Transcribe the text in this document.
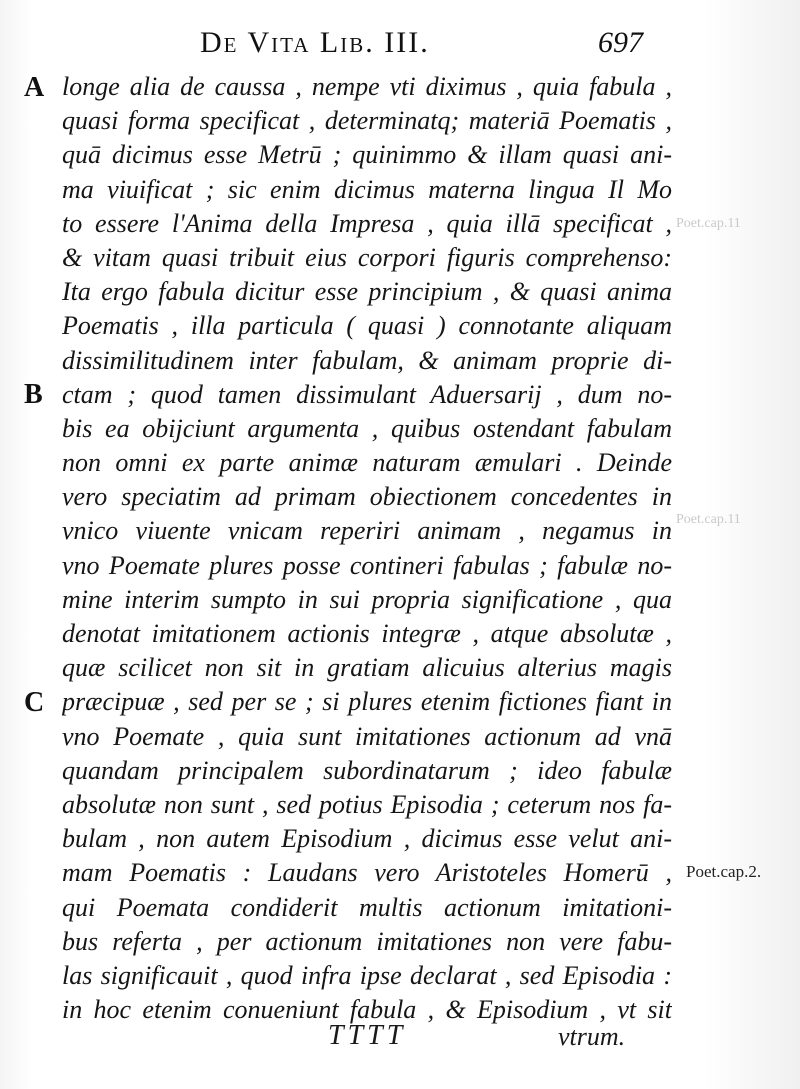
De Vita Lib. III.	697
A
B
C
Poet.cap.11
Poet.cap.11
longe alia de caussa , nempe vti diximus , quia fabula ,
quasi forma specificat , determinatq; materiā Poematis ,
quā dicimus esse Metrū ; quinimmo & illam quasi ani-
ma viuificat ; sic enim dicimus materna lingua Il Mo
to essere l'Anima della Impresa , quia illā specificat ,
& vitam quasi tribuit eius corpori figuris comprehenso:
Ita ergo fabula dicitur esse principium , & quasi anima
Poematis , illa particula ( quasi ) connotante aliquam
dissimilitudinem inter fabulam, & animam proprie di-
ctam ; quod tamen dissimulant Aduersarij , dum no-
bis ea obijciunt argumenta , quibus ostendant fabulam
non omni ex parte animæ naturam æmulari . Deinde
vero speciatim ad primam obiectionem concedentes in
vnico viuente vnicam reperiri animam , negamus in
vno Poemate plures posse contineri fabulas ; fabulæ no-
mine interim sumpto in sui propria significatione , qua
denotat imitationem actionis integræ , atque absolutæ ,
quæ scilicet non sit in gratiam alicuius alterius magis
præcipuæ , sed per se ; si plures etenim fictiones fiant in
vno Poemate , quia sunt imitationes actionum ad vnā
quandam principalem subordinatarum ; ideo fabulæ
absolutæ non sunt , sed potius Episodia ; ceterum nos fa-
bulam , non autem Episodium , dicimus esse velut ani-
mam Poematis : Laudans vero Aristoteles Homerū ,
qui Poemata condiderit multis actionum imitationi-
bus referta , per actionum imitationes non vere fabu-
las significauit , quod infra ipse declarat , sed Episodia :
in hoc etenim conueniunt fabula , & Episodium , vt sit
Poet.cap.2.
TTTT	vtrum.
